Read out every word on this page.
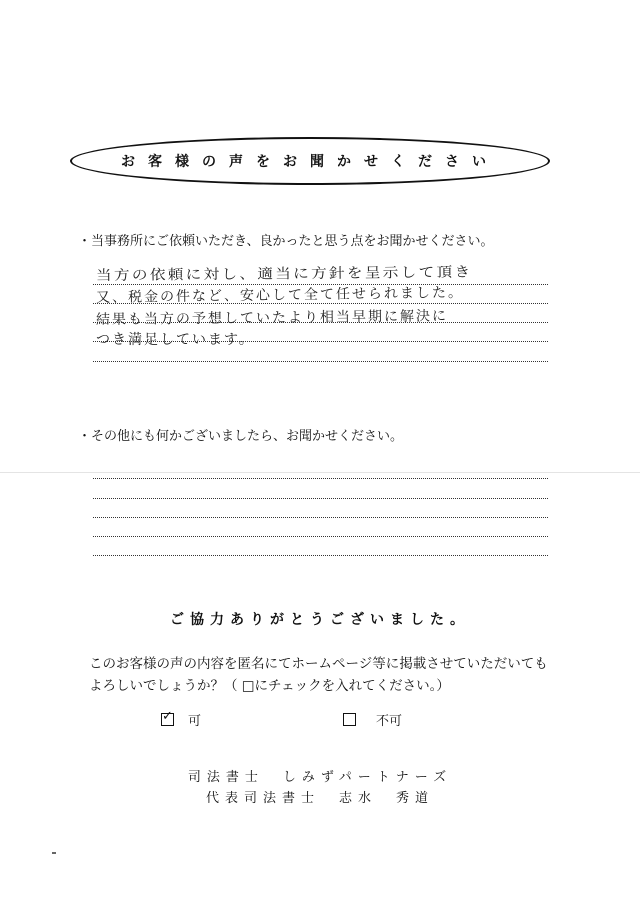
お客様の声をお聞かせください
・当事務所にご依頼いただき、良かったと思う点をお聞かせください。
当方の依頼に対し、適当に方針を呈示して頂き
又、税金の件など、安心して全て任せられました。
結果も当方の予想していたより相当早期に解決に
つき満足しています。
・その他にも何かございましたら、お聞かせください。
ご協力ありがとうございました。
このお客様の声の内容を匿名にてホームページ等に掲載させていただいてもよろしいでしょうか？（ □にチェックを入れてください。）
✓ 可	不可
司法書士　しみずパートナーズ
代表司法書士　志水　秀道
